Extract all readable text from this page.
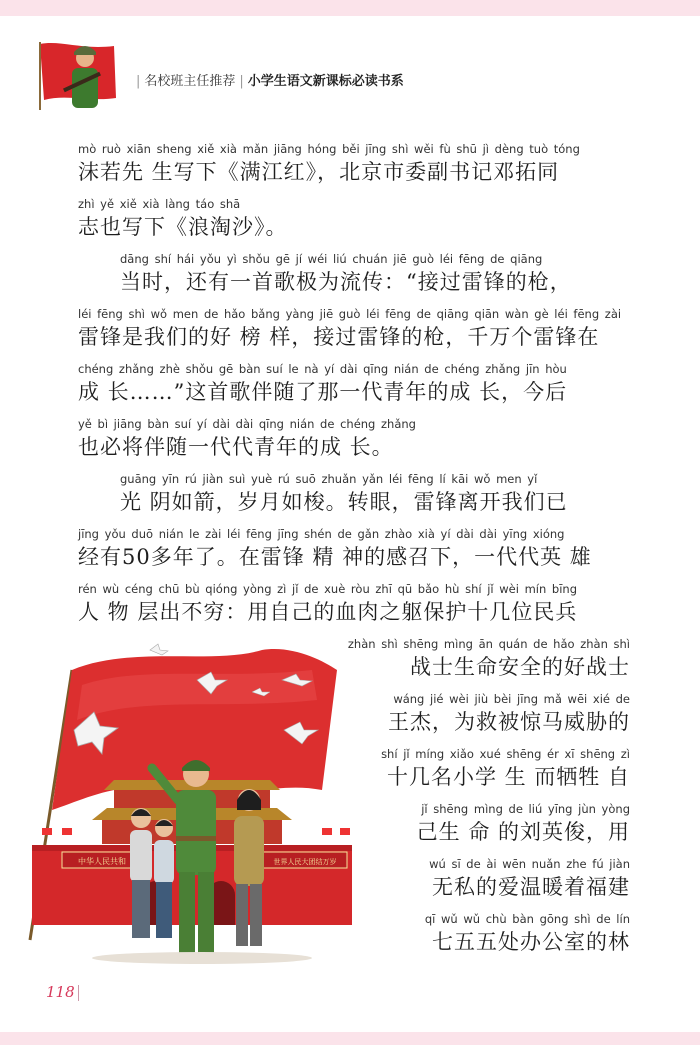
| 名校班主任推荐 | 小学生语文新课标必读书系
mò ruò xiān sheng xiě xià mǎn jiāng hóng běi jīng shì wěi fù shū jì dèng tuò tóng
沫若先 生写下《满江红》，北京市委副书记邓拓同
zhì yě xiě xià làng táo shā
志也写下《浪淘沙》。
dāng shí hái yǒu yì shǒu gē jí wéi liú chuán jiē guò léi fēng de qiāng
当时，还有一首歌极为流传：“接过雷锋的枪，
léi fēng shì wǒ men de hǎo bǎng yàng jiē guò léi fēng de qiāng qiān wàn gè léi fēng zài
雷锋是我们的好 榜 样，接过雷锋的枪，千万个雷锋在
chéng zhǎng zhè shǒu gē bàn suí le nà yí dài qīng nián de chéng zhǎng jīn hòu
成 长……”这首歌伴随了那一代青年的成 长，今后
yě bì jiāng bàn suí yí dài dài qīng nián de chéng zhǎng
也必将伴随一代代青年的成 长。
guāng yīn rú jiàn suì yuè rú suō zhuǎn yǎn léi fēng lí kāi wǒ men yǐ
光 阴如箭，岁月如梭。转眼，雷锋离开我们已
jīng yǒu duō nián le zài léi fēng jīng shén de gǎn zhào xià yí dài dài yīng xióng
经有50多年了。在雷锋 精 神的感召下，一代代英 雄
rén wù céng chū bù qióng yòng zì jǐ de xuè ròu zhī qū bǎo hù shí jǐ wèi mín bīng
人 物 层出不穷：用自己的血肉之躯保护十几位民兵
zhàn shì shēng mìng ān quán de hǎo zhàn shì
战士生命安全的好战士
wáng jié wèi jiù bèi jīng mǎ wēi xié de
王杰，为救被惊马威胁的
shí jǐ míng xiǎo xué shēng ér xī shēng zì
十几名小学 生 而牺牲 自
jǐ shēng mìng de liú yīng jùn yòng
己生 命 的刘英俊，用
wú sī de ài wēn nuǎn zhe fú jiàn
无私的爱温暖着福建
qī wǔ wǔ chù bàn gōng shì de lín
七五五处办公室的林
中华人民共和	世界人民大团结万岁
118
